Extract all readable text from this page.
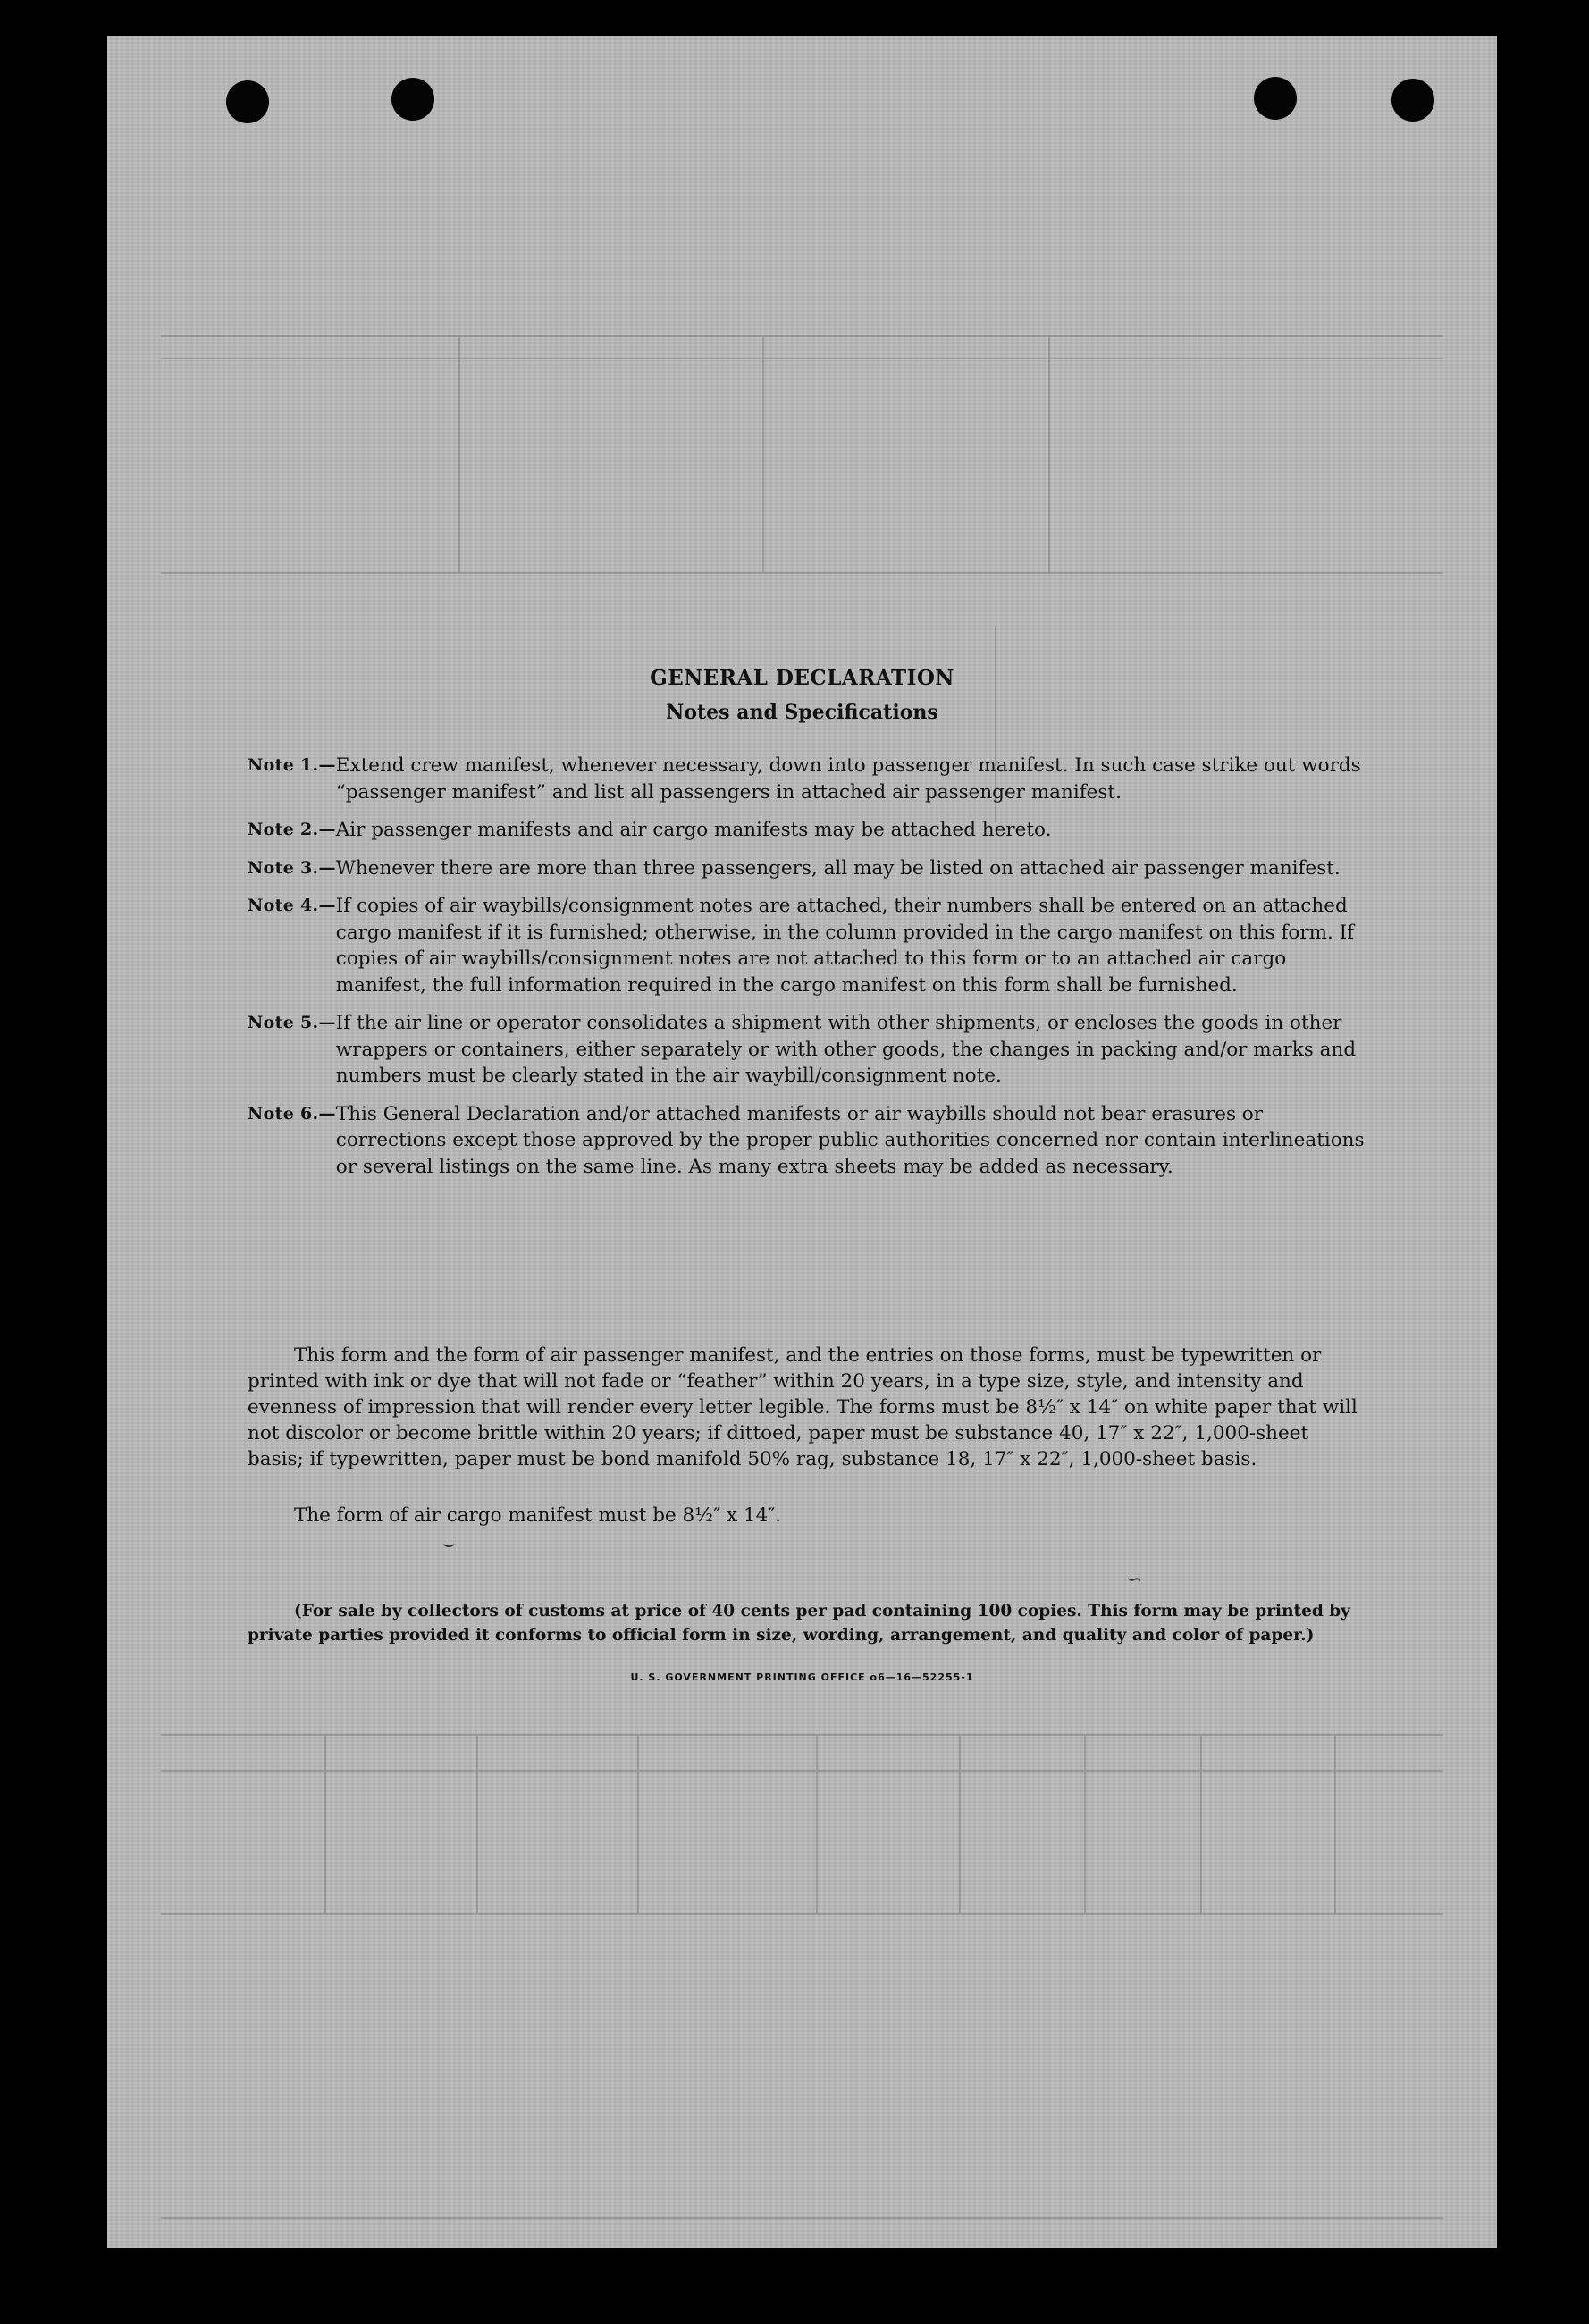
GENERAL DECLARATION
Notes and Specifications
Note 1.— Extend crew manifest, whenever necessary, down into passenger manifest. In such case strike out words “passenger manifest” and list all passengers in attached air passenger manifest.
Note 2.— Air passenger manifests and air cargo manifests may be attached hereto.
Note 3.— Whenever there are more than three passengers, all may be listed on attached air passenger manifest.
Note 4.— If copies of air waybills/consignment notes are attached, their numbers shall be entered on an attached cargo manifest if it is furnished; otherwise, in the column provided in the cargo manifest on this form. If copies of air waybills/consignment notes are not attached to this form or to an attached air cargo manifest, the full information required in the cargo manifest on this form shall be furnished.
Note 5.— If the air line or operator consolidates a shipment with other shipments, or encloses the goods in other wrappers or containers, either separately or with other goods, the changes in packing and/or marks and numbers must be clearly stated in the air waybill/consignment note.
Note 6.— This General Declaration and/or attached manifests or air waybills should not bear erasures or corrections except those approved by the proper public authorities concerned nor contain interlineations or several listings on the same line. As many extra sheets may be added as necessary.
This form and the form of air passenger manifest, and the entries on those forms, must be typewritten or printed with ink or dye that will not fade or “feather” within 20 years, in a type size, style, and intensity and evenness of impression that will render every letter legible. The forms must be 8½″ x 14″ on white paper that will not discolor or become brittle within 20 years; if dittoed, paper must be substance 40, 17″ x 22″, 1,000-sheet basis; if typewritten, paper must be bond manifold 50% rag, substance 18, 17″ x 22″, 1,000-sheet basis.
The form of air cargo manifest must be 8½″ x 14″.
(For sale by collectors of customs at price of 40 cents per pad containing 100 copies. This form may be printed by private parties provided it conforms to official form in size, wording, arrangement, and quality and color of paper.)
U. S. GOVERNMENT PRINTING OFFICE o6—16—52255-1
∽
⌣
